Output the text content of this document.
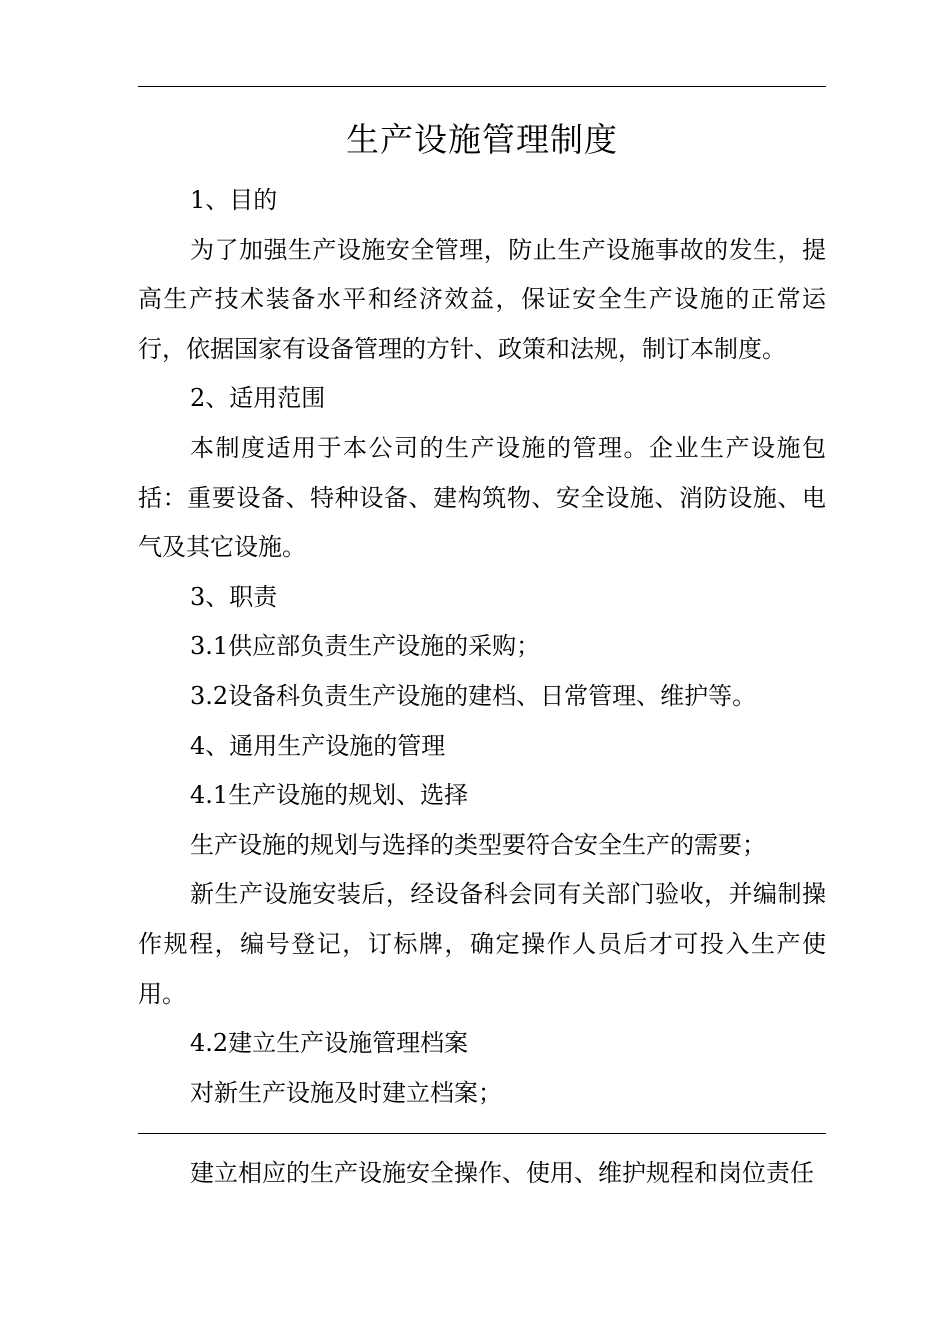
生产设施管理制度

1、目的

为了加强生产设施安全管理，防止生产设施事故的发生，提高生产技术装备水平和经济效益，保证安全生产设施的正常运行，依据国家有设备管理的方针、政策和法规，制订本制度。

2、适用范围

本制度适用于本公司的生产设施的管理。企业生产设施包括：重要设备、特种设备、建构筑物、安全设施、消防设施、电气及其它设施。

3、职责

3.1供应部负责生产设施的采购；

3.2设备科负责生产设施的建档、日常管理、维护等。

4、通用生产设施的管理

4.1生产设施的规划、选择

生产设施的规划与选择的类型要符合安全生产的需要；

新生产设施安装后，经设备科会同有关部门验收，并编制操作规程，编号登记，订标牌，确定操作人员后才可投入生产使用。

4.2建立生产设施管理档案

对新生产设施及时建立档案；

建立相应的生产设施安全操作、使用、维护规程和岗位责任
